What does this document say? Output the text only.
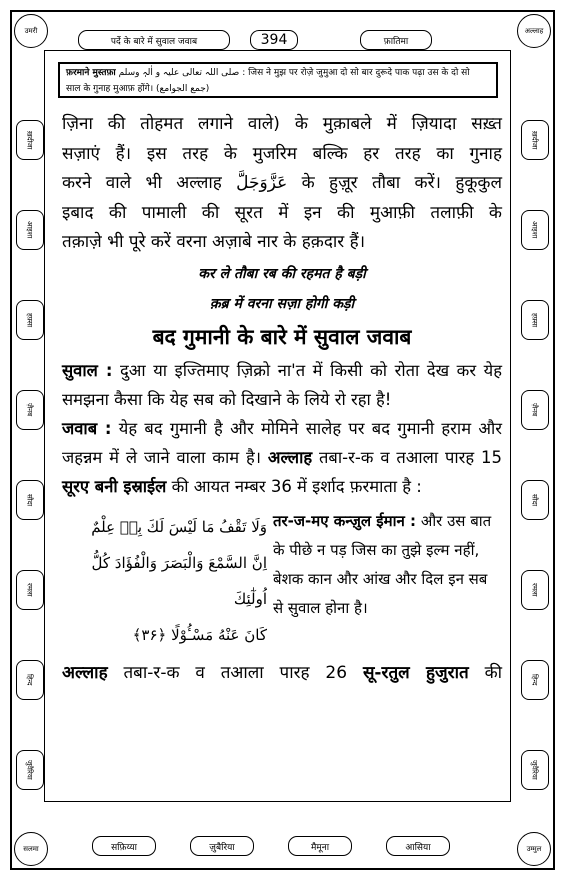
उमरी	अल्लाह
पर्दे के बारे में सुवाल जवाब	394	फ़ातिमा
ख़दीजा
आइशा
हफ़्सा
ज़ैनब
सौदा
रमला
हिन्द
जुवैरिया
ख़दीजा
आइशा
हफ़्सा
ज़ैनब
सौदा
रमला
हिन्द
जुवैरिया
फ़रमाने मुस्तफ़ा صلی اللہ تعالی علیہ و اٰلہٖ وسلم : जिस ने मुझ पर रोज़े जुमुआ दो सो बार दुरूदे पाक पढ़ा उस के दो सो
साल के गुनाह मुआफ़ होंगे। (جمع الجوامع)

ज़िना की तोहमत लगाने वाले) के मुक़ाबले में ज़ियादा सख़्त

सज़ाएं हैं। इस तरह के मुजरिम बल्कि हर तरह का गुनाह

करने वाले भी अल्लाह عَزَّوَجَلَّ के हुज़ूर तौबा करें। हुकूकुल

इबाद की पामाली की सूरत में इन की मुआफ़ी तलाफ़ी के

तक़ाज़े भी पूरे करें वरना अज़ाबे नार के हक़दार हैं।

कर ले तौबा रब की रहमत है बड़ी
क़ब्र में वरना सज़ा होगी कड़ी
बद गुमानी के बारे में सुवाल जवाब

सुवाल : दुआ या इज्तिमाए ज़िक्रो ना'त में किसी को रोता देख कर येह समझना कैसा कि येह सब को दिखाने के लिये रो रहा है!

जवाब : येह बद गुमानी है और मोमिने सालेह पर बद गुमानी हराम और जहन्नम में ले जाने वाला काम है। अल्लाह तबा-र-क व तआला पारह 15 सूरए बनी इस्राईल की आयत नम्बर 36 में इर्शाद फ़रमाता है :

وَلَا تَقْفُ مَا لَيْسَ لَكَ بِهٖ عِلْمٌ
اِنَّ السَّمْعَ وَالْبَصَرَ وَالْفُؤَادَ كُلُّ اُولٰٓئِكَ
كَانَ عَنْهُ مَسْـُٔوْلًا ﴿۳۶﴾
तर-ज-मए कन्ज़ुल ईमान : और उस बात के पीछे न पड़ जिस का तुझे इल्म नहीं, बेशक कान और आंख और दिल इन सब से सुवाल होना है।
अल्लाह तबा-र-क व तआला पारह 26 सू-रतुल हुजुरात की
सलमा	उम्मुल
सफ़िय्या	ज़ुबैरिया	मैमूना	आसिया
